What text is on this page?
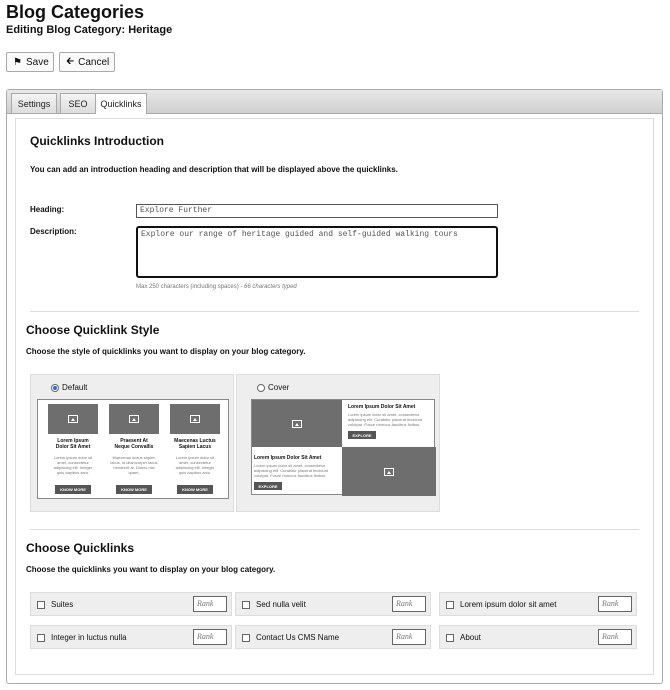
Blog Categories
Editing Blog Category: Heritage
⚑ Save 🡰 Cancel
Settings	SEO	Quicklinks
Quicklinks Introduction
You can add an introduction heading and description that will be displayed above the quicklinks.
Heading:	Explore Further
Description:	Explore our range of heritage guided and self-guided walking tours
Max 250 characters (including spaces) - 66 characters typed
Choose Quicklink Style
Choose the style of quicklinks you want to display on your blog category.
Default
Lorem Ipsum
Dolor Sit Amet
Lorem ipsum dolor sit
amet, consectetur
adipiscing elit. Integer
quis dapibus arcu.
KNOW MORE
Praesent At
Neque Convallis
Maecenas luctus sapien
lacus, id ullamcorper lacus
hendrerit at. Donec nisl
quam,
KNOW MORE
Maecenas Luctus
Sapien Lacus
Lorem ipsum dolor sit
amet, consectetur
adipiscing elit. Integer
quis dapibus arcu.
KNOW MORE
Cover
Lorem Ipsum Dolor Sit Amet
Lorem ipsum dolor sit amet, consectetur
adipiscing elit. Curabitur placerat tincidunt
volutpat. Fusce rhoncus faucibus finibus.
EXPLORE
Lorem Ipsum Dolor Sit Amet
Lorem ipsum dolor sit amet, consectetur
adipiscing elit. Curabitur placerat tincidunt
volutpat. Fusce rhoncus faucibus finibus.
EXPLORE
Choose Quicklinks
Choose the quicklinks you want to display on your blog category.
Suites	Rank	Sed nulla velit	Rank	Lorem ipsum dolor sit amet	Rank
Integer in luctus nulla	Rank	Contact Us CMS Name	Rank	About	Rank
